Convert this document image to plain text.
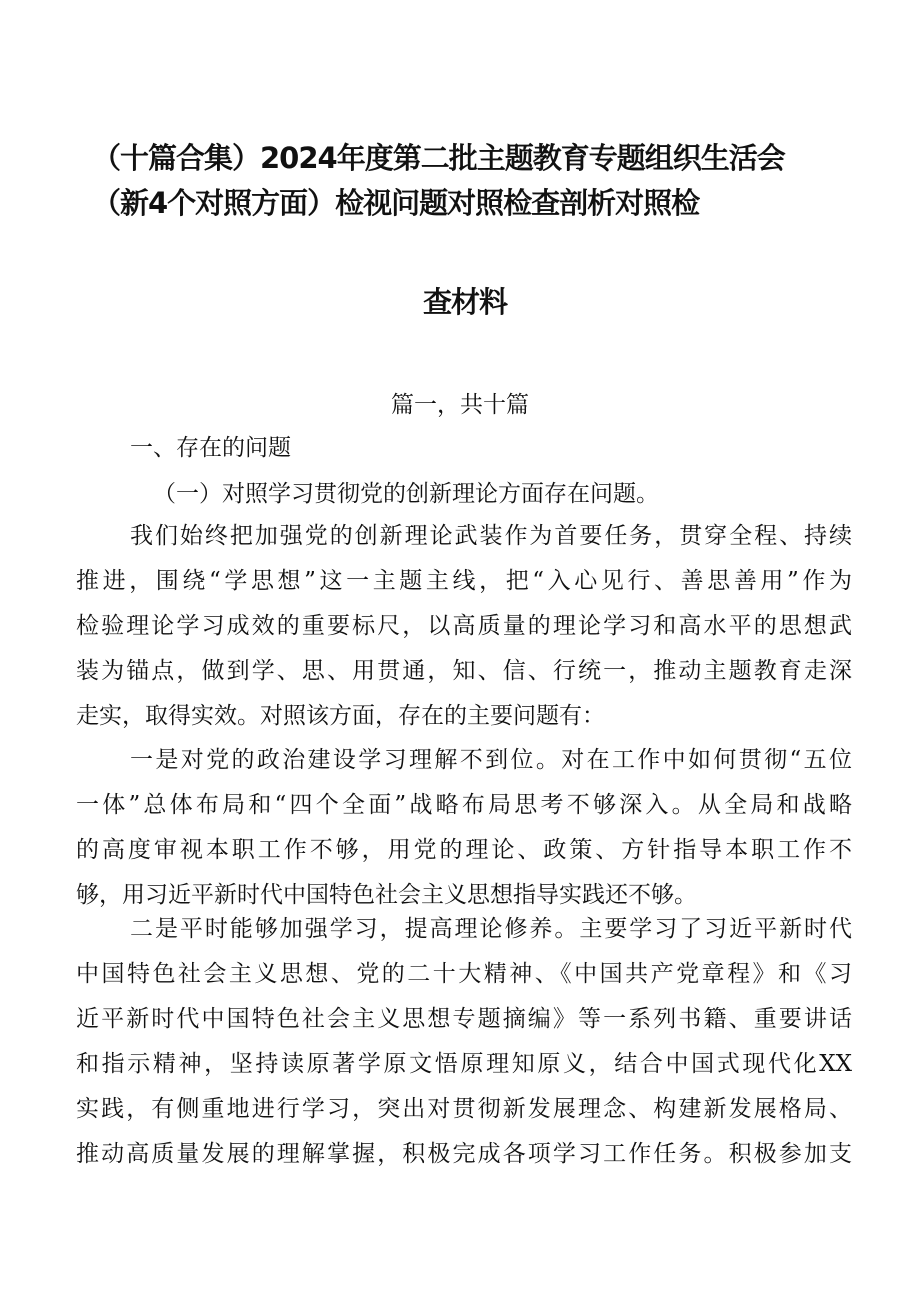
（十篇合集）2024年度第二批主题教育专题组织生活会
（新4个对照方面）检视问题对照检查剖析对照检
查材料
篇一，共十篇
一、存在的问题
（一）对照学习贯彻党的创新理论方面存在问题。
我们始终把加强党的创新理论武装作为首要任务，贯穿全程、持续
推进，围绕“学思想”这一主题主线，把“入心见行、善思善用”作为
检验理论学习成效的重要标尺，以高质量的理论学习和高水平的思想武
装为锚点，做到学、思、用贯通，知、信、行统一，推动主题教育走深
走实，取得实效。对照该方面，存在的主要问题有：
一是对党的政治建设学习理解不到位。对在工作中如何贯彻“五位
一体”总体布局和“四个全面”战略布局思考不够深入。从全局和战略
的高度审视本职工作不够，用党的理论、政策、方针指导本职工作不
够，用习近平新时代中国特色社会主义思想指导实践还不够。
二是平时能够加强学习，提高理论修养。主要学习了习近平新时代
中国特色社会主义思想、党的二十大精神、《中国共产党章程》和《习
近平新时代中国特色社会主义思想专题摘编》等一系列书籍、重要讲话
和指示精神，坚持读原著学原文悟原理知原义，结合中国式现代化XX
实践，有侧重地进行学习，突出对贯彻新发展理念、构建新发展格局、
推动高质量发展的理解掌握，积极完成各项学习工作任务。积极参加支
